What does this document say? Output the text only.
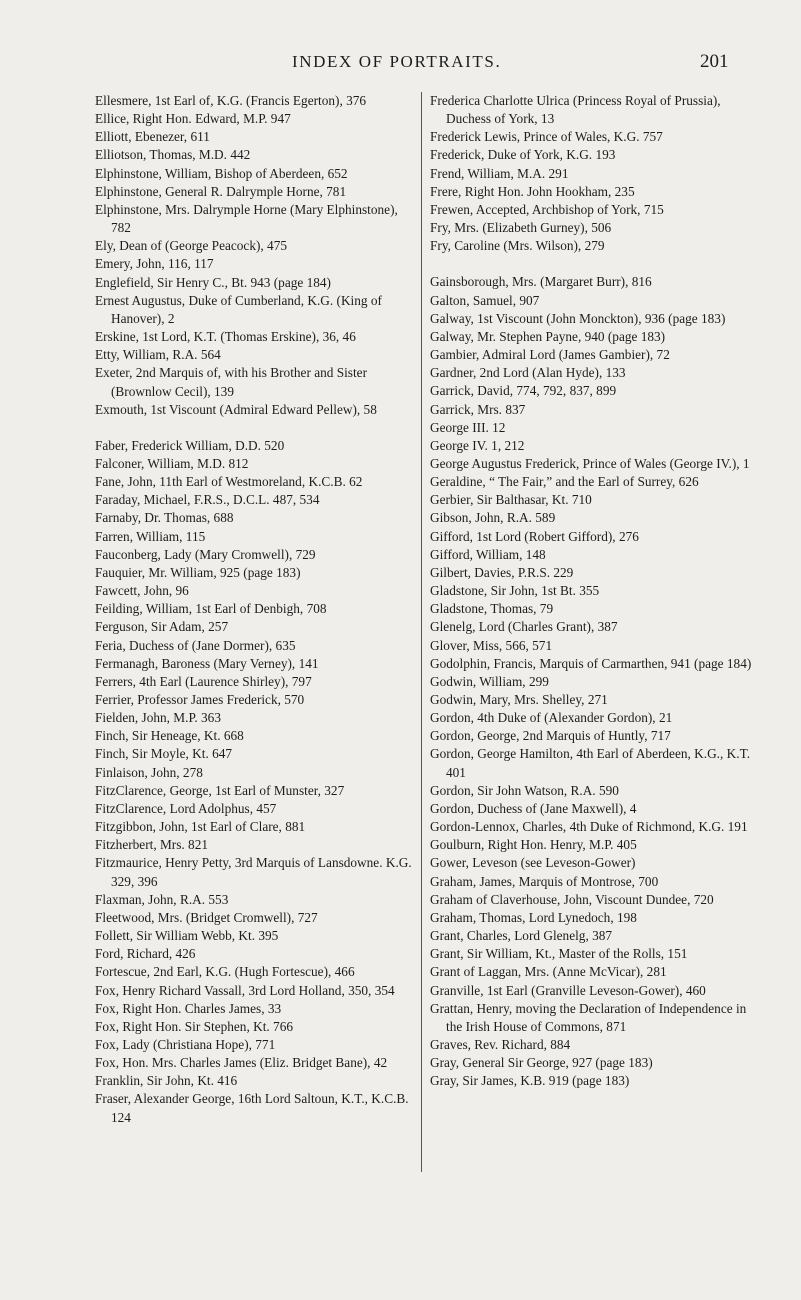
INDEX OF PORTRAITS.	201
Ellesmere, 1st Earl of, K.G. (Francis Egerton), 376
Ellice, Right Hon. Edward, M.P. 947
Elliott, Ebenezer, 611
Elliotson, Thomas, M.D. 442
Elphinstone, William, Bishop of Aberdeen, 652
Elphinstone, General R. Dalrymple Horne, 781
Elphinstone, Mrs. Dalrymple Horne (Mary Elphinstone), 782
Ely, Dean of (George Peacock), 475
Emery, John, 116, 117
Englefield, Sir Henry C., Bt. 943 (page 184)
Ernest Augustus, Duke of Cumberland, K.G. (King of Hanover), 2
Erskine, 1st Lord, K.T. (Thomas Erskine), 36, 46
Etty, William, R.A. 564
Exeter, 2nd Marquis of, with his Brother and Sister (Brownlow Cecil), 139
Exmouth, 1st Viscount (Admiral Edward Pellew), 58
Faber, Frederick William, D.D. 520
Falconer, William, M.D. 812
Fane, John, 11th Earl of Westmoreland, K.C.B. 62
Faraday, Michael, F.R.S., D.C.L. 487, 534
Farnaby, Dr. Thomas, 688
Farren, William, 115
Fauconberg, Lady (Mary Cromwell), 729
Fauquier, Mr. William, 925 (page 183)
Fawcett, John, 96
Feilding, William, 1st Earl of Denbigh, 708
Ferguson, Sir Adam, 257
Feria, Duchess of (Jane Dormer), 635
Fermanagh, Baroness (Mary Verney), 141
Ferrers, 4th Earl (Laurence Shirley), 797
Ferrier, Professor James Frederick, 570
Fielden, John, M.P. 363
Finch, Sir Heneage, Kt. 668
Finch, Sir Moyle, Kt. 647
Finlaison, John, 278
FitzClarence, George, 1st Earl of Munster, 327
FitzClarence, Lord Adolphus, 457
Fitzgibbon, John, 1st Earl of Clare, 881
Fitzherbert, Mrs. 821
Fitzmaurice, Henry Petty, 3rd Marquis of Lansdowne. K.G. 329, 396
Flaxman, John, R.A. 553
Fleetwood, Mrs. (Bridget Cromwell), 727
Follett, Sir William Webb, Kt. 395
Ford, Richard, 426
Fortescue, 2nd Earl, K.G. (Hugh Fortescue), 466
Fox, Henry Richard Vassall, 3rd Lord Holland, 350, 354
Fox, Right Hon. Charles James, 33
Fox, Right Hon. Sir Stephen, Kt. 766
Fox, Lady (Christiana Hope), 771
Fox, Hon. Mrs. Charles James (Eliz. Bridget Bane), 42
Franklin, Sir John, Kt. 416
Fraser, Alexander George, 16th Lord Saltoun, K.T., K.C.B. 124
Frederica Charlotte Ulrica (Princess Royal of Prussia), Duchess of York, 13
Frederick Lewis, Prince of Wales, K.G. 757
Frederick, Duke of York, K.G. 193
Frend, William, M.A. 291
Frere, Right Hon. John Hookham, 235
Frewen, Accepted, Archbishop of York, 715
Fry, Mrs. (Elizabeth Gurney), 506
Fry, Caroline (Mrs. Wilson), 279
Gainsborough, Mrs. (Margaret Burr), 816
Galton, Samuel, 907
Galway, 1st Viscount (John Monckton), 936 (page 183)
Galway, Mr. Stephen Payne, 940 (page 183)
Gambier, Admiral Lord (James Gambier), 72
Gardner, 2nd Lord (Alan Hyde), 133
Garrick, David, 774, 792, 837, 899
Garrick, Mrs. 837
George III. 12
George IV. 1, 212
George Augustus Frederick, Prince of Wales (George IV.), 1
Geraldine, “ The Fair,” and the Earl of Surrey, 626
Gerbier, Sir Balthasar, Kt. 710
Gibson, John, R.A. 589
Gifford, 1st Lord (Robert Gifford), 276
Gifford, William, 148
Gilbert, Davies, P.R.S. 229
Gladstone, Sir John, 1st Bt. 355
Gladstone, Thomas, 79
Glenelg, Lord (Charles Grant), 387
Glover, Miss, 566, 571
Godolphin, Francis, Marquis of Carmarthen, 941 (page 184)
Godwin, William, 299
Godwin, Mary, Mrs. Shelley, 271
Gordon, 4th Duke of (Alexander Gordon), 21
Gordon, George, 2nd Marquis of Huntly, 717
Gordon, George Hamilton, 4th Earl of Aberdeen, K.G., K.T. 401
Gordon, Sir John Watson, R.A. 590
Gordon, Duchess of (Jane Maxwell), 4
Gordon-Lennox, Charles, 4th Duke of Richmond, K.G. 191
Goulburn, Right Hon. Henry, M.P. 405
Gower, Leveson (see Leveson-Gower)
Graham, James, Marquis of Montrose, 700
Graham of Claverhouse, John, Viscount Dundee, 720
Graham, Thomas, Lord Lynedoch, 198
Grant, Charles, Lord Glenelg, 387
Grant, Sir William, Kt., Master of the Rolls, 151
Grant of Laggan, Mrs. (Anne McVicar), 281
Granville, 1st Earl (Granville Leveson-Gower), 460
Grattan, Henry, moving the Declaration of Independence in the Irish House of Commons, 871
Graves, Rev. Richard, 884
Gray, General Sir George, 927 (page 183)
Gray, Sir James, K.B. 919 (page 183)
